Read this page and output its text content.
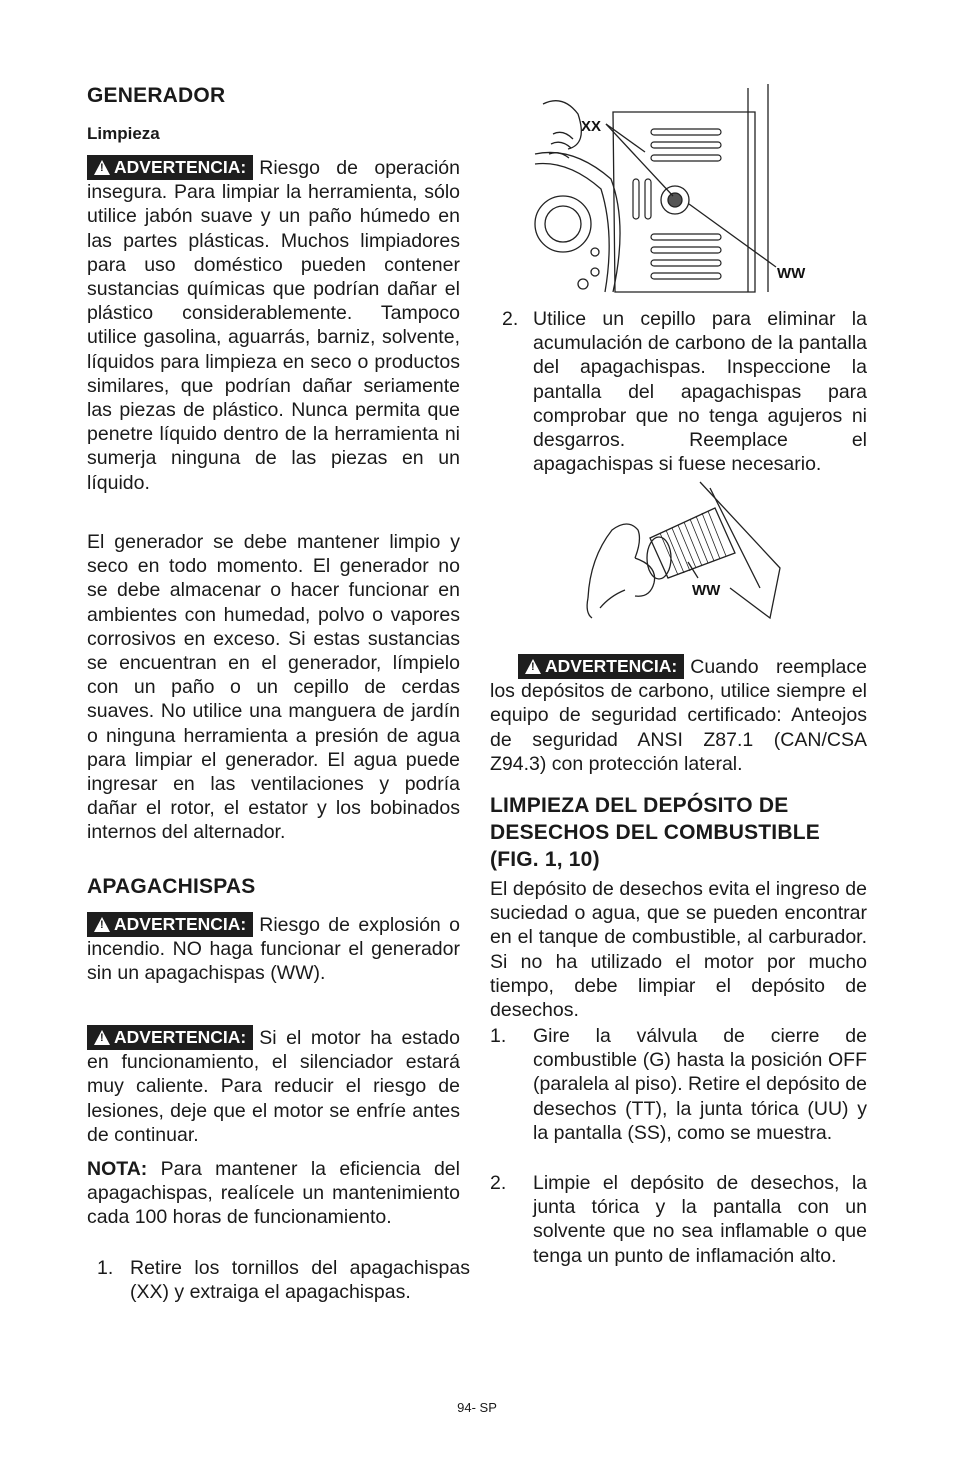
GENERADOR
Limpieza
!ADVERTENCIA: Riesgo de operación insegura. Para limpiar la herramienta, sólo utilice jabón suave y un paño húmedo en las partes plásticas. Muchos limpiadores para uso doméstico pueden contener sustancias químicas que podrían dañar el plástico considerablemente. Tampoco utilice gasolina, aguarrás, barniz, solvente, líquidos para limpieza en seco o productos similares, que podrían dañar seriamente las piezas de plástico. Nunca permita que penetre líquido dentro de la herramienta ni sumerja ninguna de las piezas en un líquido.
El generador se debe mantener limpio y seco en todo momento. El generador no se debe almacenar o hacer funcionar en ambientes con humedad, polvo o vapores corrosivos en exceso. Si estas sustancias se encuentran en el generador, límpielo con un paño o un cepillo de cerdas suaves. No utilice una manguera de jardín o ninguna herramienta a presión de agua para limpiar el generador. El agua puede ingresar en las ventilaciones y podría dañar el rotor, el estator y los bobinados internos del alternador.
APAGACHISPAS
!ADVERTENCIA: Riesgo de explosión o incendio. NO haga funcionar el generador sin un apagachispas (WW).
!ADVERTENCIA: Si el motor ha estado en funcionamiento, el silenciador estará muy caliente. Para reducir el riesgo de lesiones, deje que el motor se enfríe antes de continuar.
NOTA: Para mantener la eficiencia del apagachispas, realícele un mantenimiento cada 100 horas de funcionamiento.
1. Retire los tornillos del apagachispas (XX) y extraiga el apagachispas.
XX
WW
2. Utilice un cepillo para eliminar la acumulación de carbono de la pantalla del apagachispas. Inspeccione la pantalla del apagachispas para comprobar que no tenga agujeros ni desgarros. Reemplace el apagachispas si fuese necesario.
WW
!ADVERTENCIA: Cuando reemplace los depósitos de carbono, utilice siempre el equipo de seguridad certificado: Anteojos de seguridad ANSI Z87.1 (CAN/CSA Z94.3) con protección lateral.
LIMPIEZA DEL DEPÓSITO DE DESECHOS DEL COMBUSTIBLE (FIG. 1, 10)
El depósito de desechos evita el ingreso de suciedad o agua, que se pueden encontrar en el tanque de combustible, al carburador. Si no ha utilizado el motor por mucho tiempo, debe limpiar el depósito de desechos.
1. Gire la válvula de cierre de combustible (G) hasta la posición OFF (paralela al piso). Retire el depósito de desechos (TT), la junta tórica (UU) y la pantalla (SS), como se muestra.
2. Limpie el depósito de desechos, la junta tórica y la pantalla con un solvente que no sea inflamable o que tenga un punto de inflamación alto.
94- SP
